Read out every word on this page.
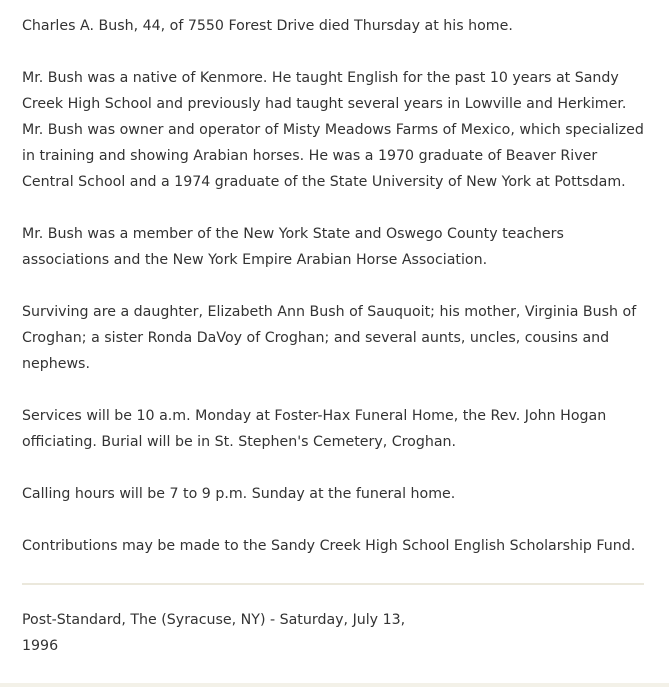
Charles A. Bush, 44, of 7550 Forest Drive died Thursday at his home.

Mr. Bush was a native of Kenmore. He taught English for the past 10 years at Sandy Creek High School and previously had taught several years in Lowville and Herkimer. Mr. Bush was owner and operator of Misty Meadows Farms of Mexico, which specialized in training and showing Arabian horses. He was a 1970 graduate of Beaver River Central School and a 1974 graduate of the State University of New York at Pottsdam.

Mr. Bush was a member of the New York State and Oswego County teachers associations and the New York Empire Arabian Horse Association.

Surviving are a daughter, Elizabeth Ann Bush of Sauquoit; his mother, Virginia Bush of Croghan; a sister Ronda DaVoy of Croghan; and several aunts, uncles, cousins and nephews.

Services will be 10 a.m. Monday at Foster-Hax Funeral Home, the Rev. John Hogan officiating. Burial will be in St. Stephen's Cemetery, Croghan.

Calling hours will be 7 to 9 p.m. Sunday at the funeral home.

Contributions may be made to the Sandy Creek High School English Scholarship Fund.

Post-Standard, The (Syracuse, NY) - Saturday, July 13, 1996
